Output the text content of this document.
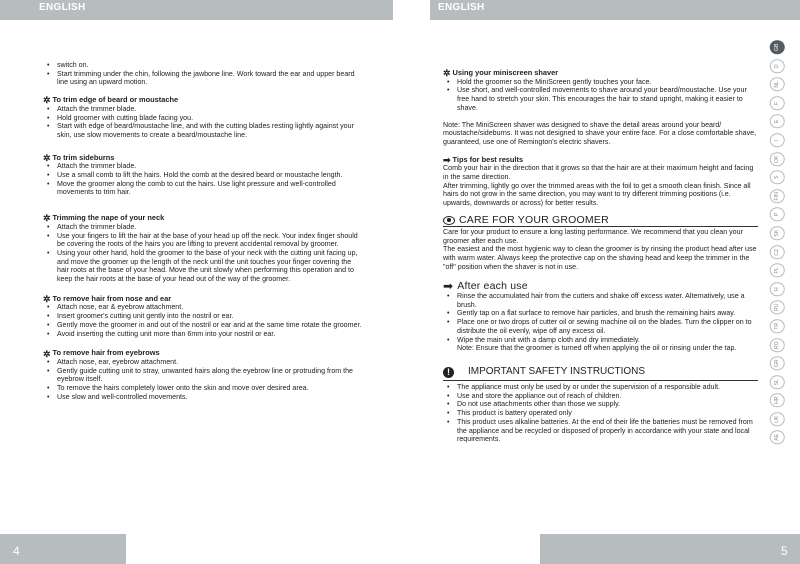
ENGLISH	ENGLISH
4	5
• switch on.
• Start trimming under the chin, following the jawbone line. Work toward the ear and upper beard line using an upward motion.
✲ To trim edge of beard or moustache
• Attach the trimmer blade.
• Hold groomer with cutting blade facing you.
• Start with edge of beard/moustache line, and with the cutting blades resting lightly against your skin, use slow movements to create a beard/moustache line.
✲ To trim sideburns
• Attach the trimmer blade.
• Use a small comb to lift the hairs. Hold the comb at the desired beard or moustache length.
• Move the groomer along the comb to cut the hairs. Use light pressure and well-controlled movements to trim hair.
✲ Trimming the nape of your neck
• Attach the trimmer blade.
• Use your fingers to lift the hair at the base of your head up off the neck. Your index finger should be covering the roots of the hairs you are lifting to prevent accidental removal by groomer.
• Using your other hand, hold the groomer to the base of your neck with the cutting unit facing up, and move the groomer up the length of the neck until the unit touches your finger covering the hair roots at the base of your head. Move the unit slowly when performing this operation and to keep the hair roots at the base of your head out of the way of the groomer.
✲ To remove hair from nose and ear
• Attach nose, ear & eyebrow attachment.
• Insert groomer's cutting unit gently into the nostril or ear.
• Gently move the groomer in and out of the nostril or ear and at the same time rotate the groomer.
• Avoid inserting the cutting unit more than 6mm into your nostril or ear.
✲ To remove hair from eyebrows
• Attach nose, ear, eyebrow attachment.
• Gently guide cutting unit to stray, unwanted hairs along the eyebrow line or protruding from the eyebrow itself.
• To remove the hairs completely lower onto the skin and move over desired area.
• Use slow and well-controlled movements.
✲ Using your miniscreen shaver
• Hold the groomer so the MiniScreen gently touches your face.
• Use short, and well-controlled movements to shave around your beard/moustache. Use your free hand to stretch your skin. This encourages the hair to stand upright, making it easier to shave.

Note: The MiniScreen shaver was designed to shave the detail areas around your beard/ moustache/sideburns. It was not designed to shave your entire face. For a close comfortable shave, guaranteed, use one of Remington's electric shavers.

➡ Tips for best results

Comb your hair in the direction that it grows so that the hair are at their maximum height and facing in the same direction.

After trimming, lightly go over the trimmed areas with the foil to get a smooth clean finish. Since all hairs do not grow in the same direction, you may want to try different trimming positions (i.e. upwards, downwards or across) for better results.

CARE FOR YOUR GROOMER

Care for your product to ensure a long lasting performance. We recommend that you clean your groomer after each use.

The easiest and the most hygienic way to clean the groomer is by rinsing the product head after use with warm water. Always keep the protective cap on the shaving head and keep the trimmer in the "off" position when the shaver is not in use.

➡ After each use
• Rinse the accumulated hair from the cutters and shake off excess water. Alternatively, use a brush.
• Gently tap on a flat surface to remove hair particles, and brush the remaining hairs away.
• Place one or two drops of cutter oil or sewing machine oil on the blades. Turn the clipper on to distribute the oil evenly, wipe off any excess oil.
• Wipe the main unit with a damp cloth and dry immediately.

Note: Ensure that the groomer is turned off when applying the oil or rinsing under the tap.

!	IMPORTANT SAFETY INSTRUCTIONS
• The appliance must only be used by or under the supervision of a responsible adult.
• Use and store the appliance out of reach of children.
• Do not use attachments other than those we supply.
• This product is battery operated only
• This product uses alkaline batteries. At the end of their life the batteries must be removed from the appliance and be recycled or disposed of properly in accordance with your state and local requirements.
GB
D
NL
F
E
I
DK
S
FIN
P
SK
CZ
PL
H
RU
TR
RO
GR
SL
HR
UK
AE
